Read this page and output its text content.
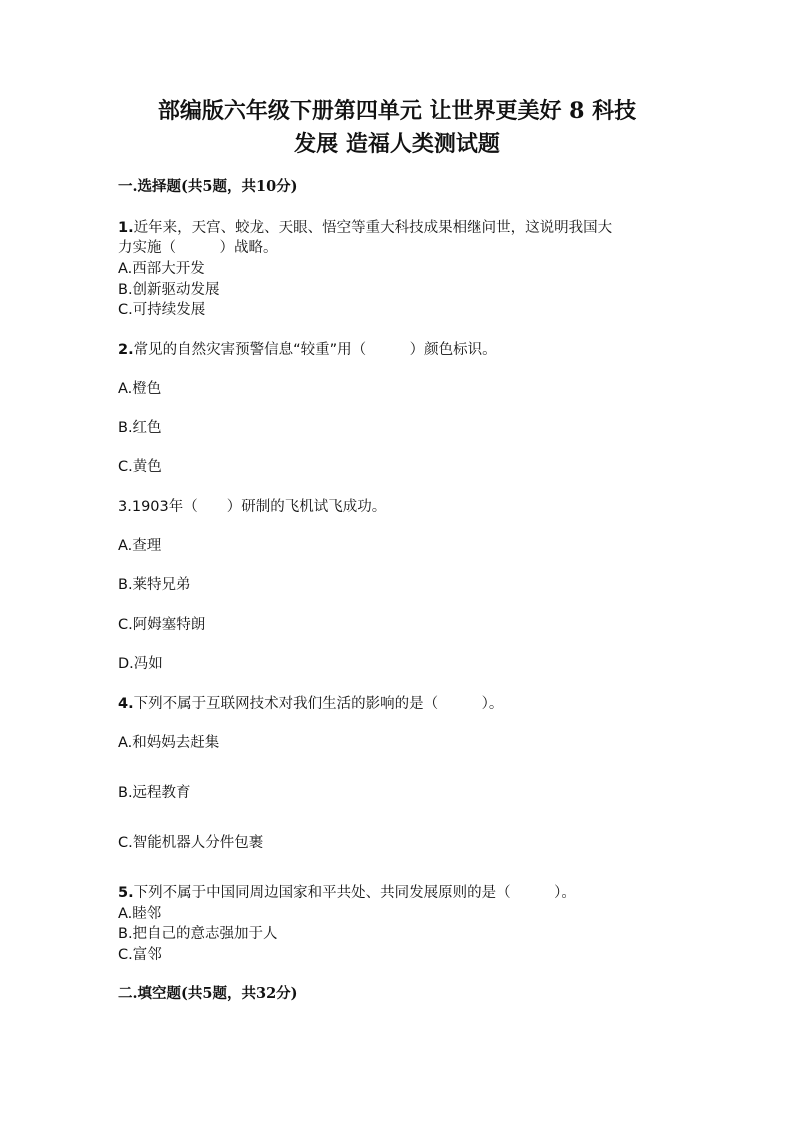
部编版六年级下册第四单元 让世界更美好 8 科技
发展 造福人类测试题
一.选择题(共5题，共10分)
1.近年来，天宫、蛟龙、天眼、悟空等重大科技成果相继问世，这说明我国大
力实施（　　　）战略。
A.西部大开发
B.创新驱动发展
C.可持续发展
2.常见的自然灾害预警信息“较重”用（　　　）颜色标识。
A.橙色
B.红色
C.黄色
3.1903年（　　）研制的飞机试飞成功。
A.查理
B.莱特兄弟
C.阿姆塞特朗
D.冯如
4.下列不属于互联网技术对我们生活的影响的是（　　　）。
A.和妈妈去赶集
B.远程教育
C.智能机器人分件包裹
5.下列不属于中国同周边国家和平共处、共同发展原则的是（　　　）。
A.睦邻
B.把自己的意志强加于人
C.富邻
二.填空题(共5题，共32分)
